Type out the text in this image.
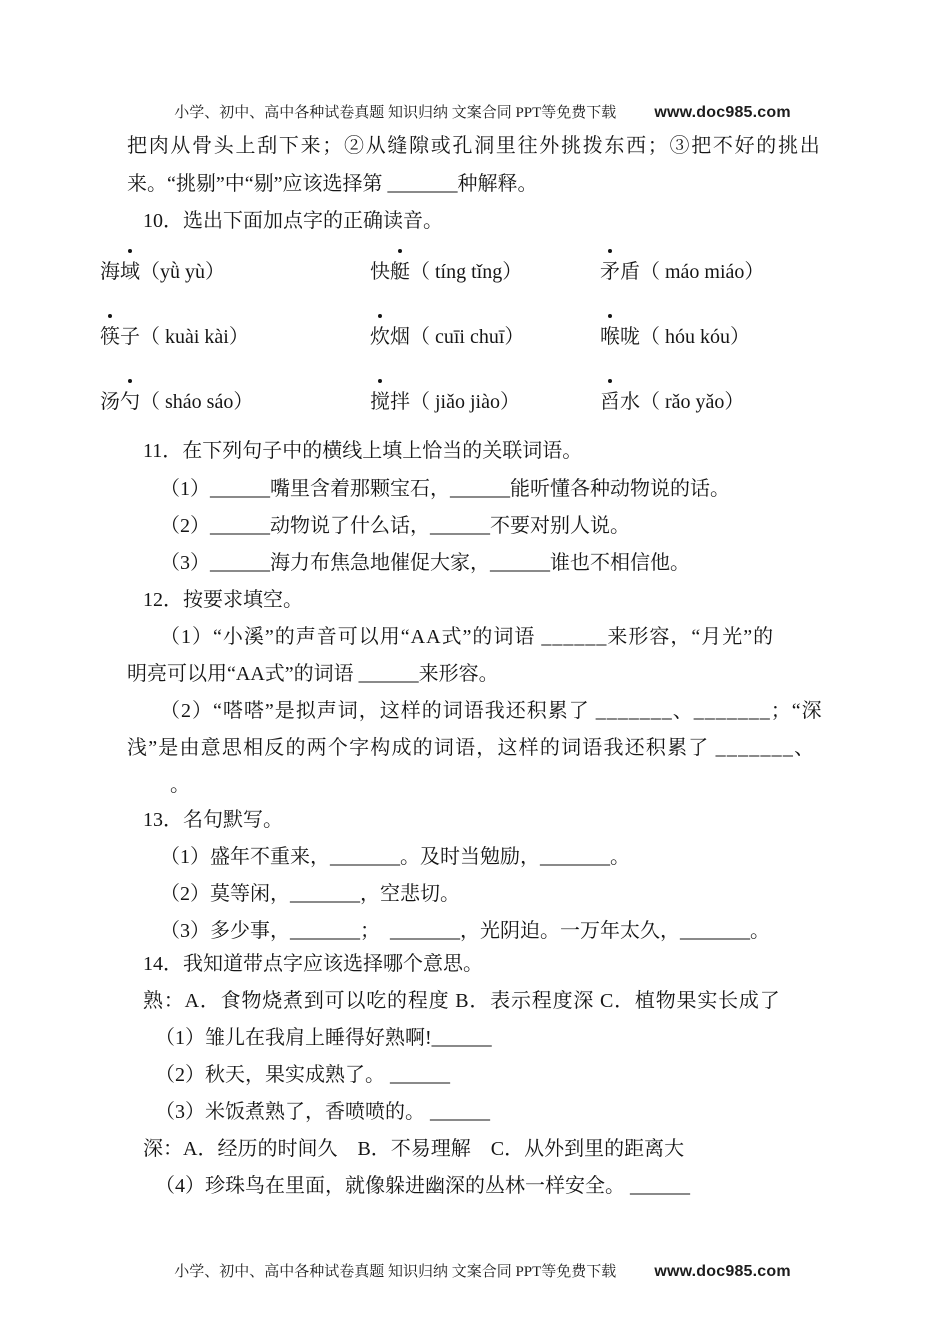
小学、初中、高中各种试卷真题 知识归纳 文案合同 PPT等免费下载 www.doc985.com

把肉从骨头上刮下来；②从缝隙或孔洞里往外挑拨东西；③把不好的挑出
来。“挑剔”中“剔”应该选择第 _______种解释。
10．选出下面加点字的正确读音。
海域（yǜ yù）	快艇（ tíng tǐng）	矛盾（ máo miáo）
筷子（ kuài kài）	炊烟（ cuīi chuī）	喉咙（ hóu kóu）
汤勺（ sháo sáo）	搅拌（ jiǎo jiào）	舀水（ rǎo yǎo）
11．在下列句子中的横线上填上恰当的关联词语。
（1）______嘴里含着那颗宝石，______能听懂各种动物说的话。
（2）______动物说了什么话，______不要对别人说。
（3）______海力布焦急地催促大家，______谁也不相信他。
12．按要求填空。
（1）“小溪”的声音可以用“AA式”的词语 ______来形容，“月光”的
明亮可以用“AA式”的词语 ______来形容。
（2）“嗒嗒”是拟声词，这样的词语我还积累了 _______、_______；“深
浅”是由意思相反的两个字构成的词语，这样的词语我还积累了 _______、
。
13．名句默写。
（1）盛年不重来，_______。及时当勉励，_______。
（2）莫等闲，_______，空悲切。
（3）多少事，_______；  _______，光阴迫。一万年太久，_______。
14．我知道带点字应该选择哪个意思。
熟：A．食物烧煮到可以吃的程度 B．表示程度深 C．植物果实长成了
（1）雏儿在我肩上睡得好熟啊!______
（2）秋天，果实成熟了。 ______
（3）米饭煮熟了，香喷喷的。 ______
深：A．经历的时间久    B．不易理解    C．从外到里的距离大
（4）珍珠鸟在里面，就像躲进幽深的丛林一样安全。 ______

小学、初中、高中各种试卷真题 知识归纳 文案合同 PPT等免费下载 www.doc985.com
